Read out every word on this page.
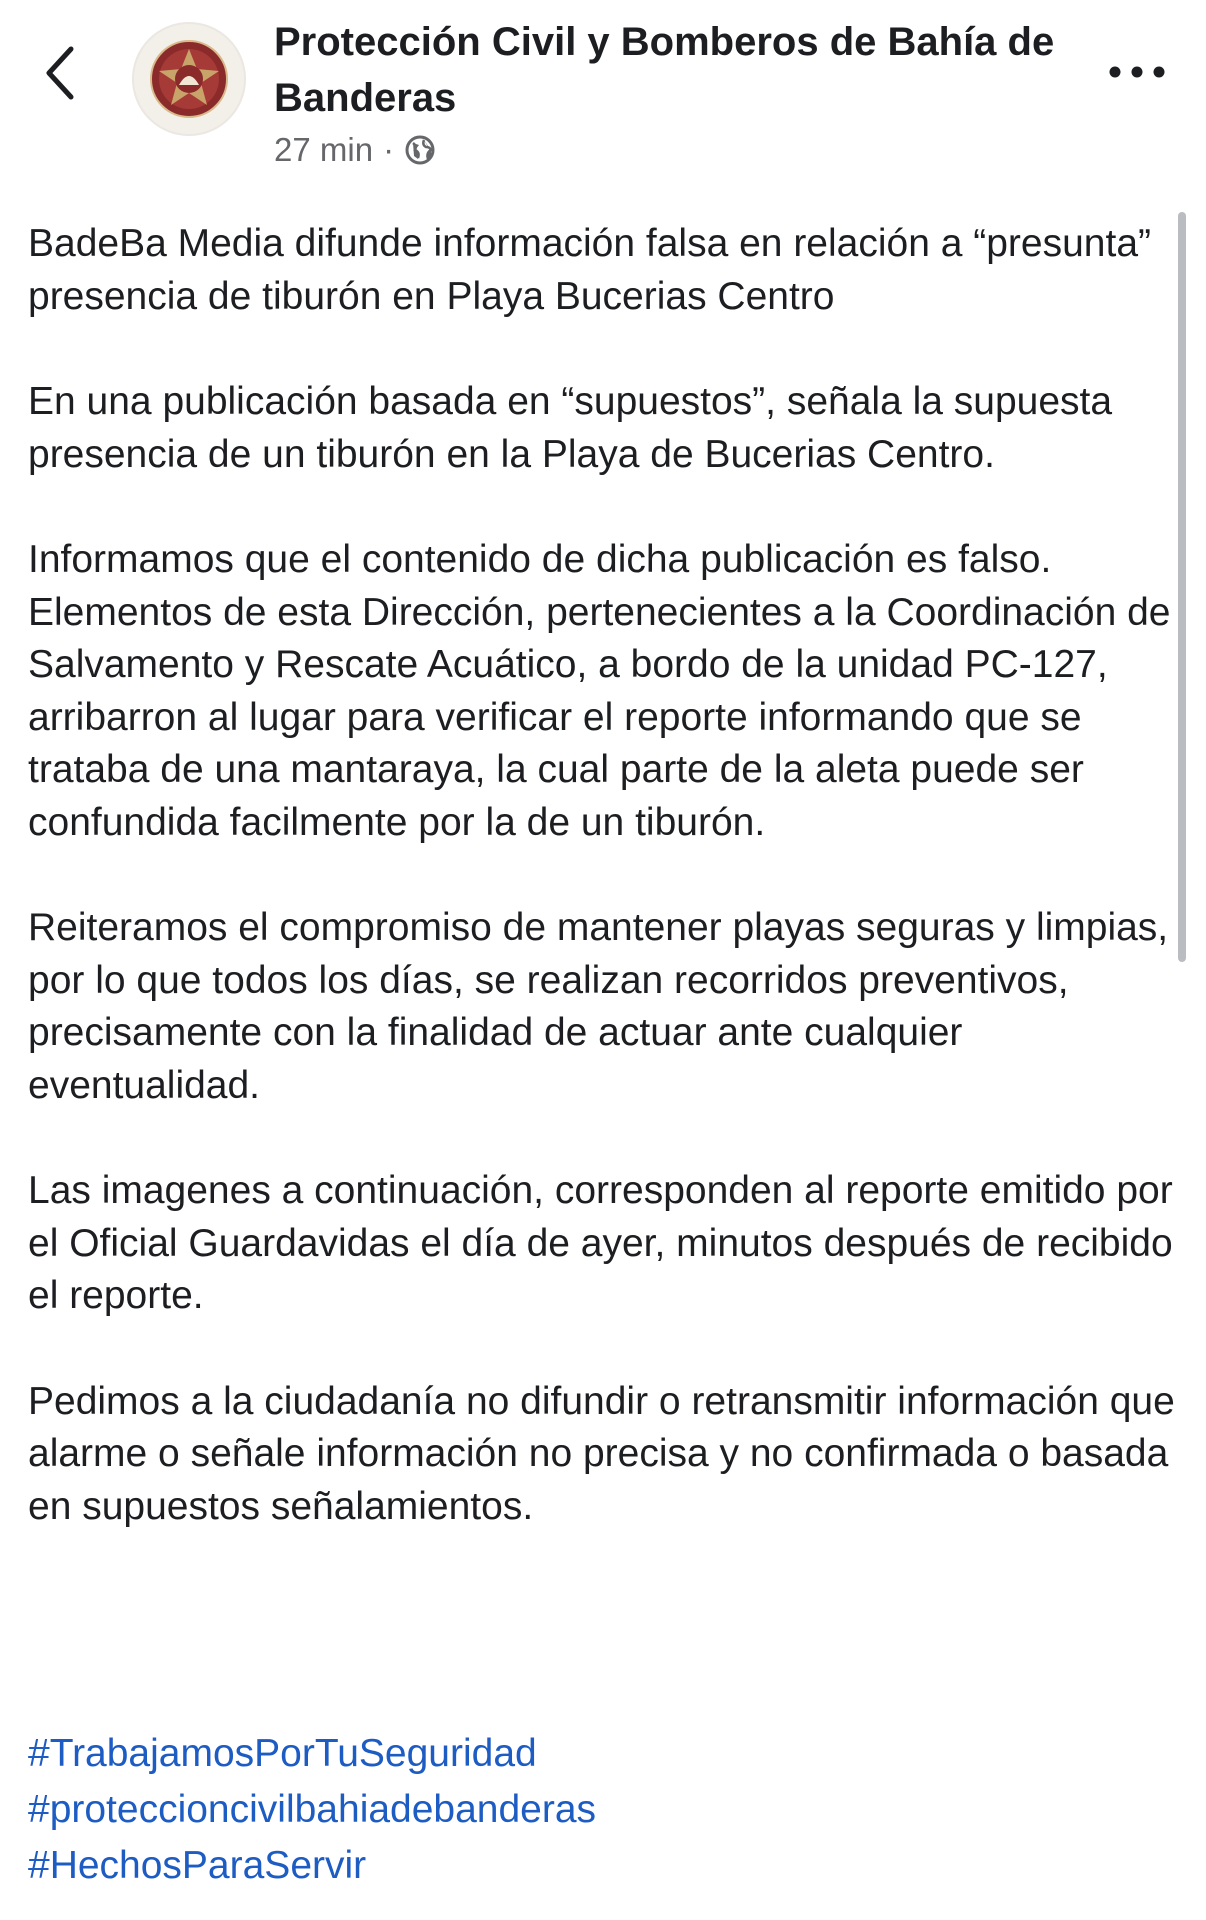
Protección Civil y Bomberos de Bahía de Banderas
27 min ·

BadeBa Media difunde información falsa en relación a “presunta” presencia de tiburón en Playa Bucerias Centro

En una publicación basada en “supuestos”, señala la supuesta presencia de un tiburón en la Playa de Bucerias Centro.

Informamos que el contenido de dicha publicación es falso. Elementos de esta Dirección, pertenecientes a la Coordinación de Salvamento y Rescate Acuático, a bordo de la unidad PC-127, arribarron al lugar para verificar el reporte informando que se trataba de una mantaraya, la cual parte de la aleta puede ser confundida facilmente por la de un tiburón.

Reiteramos el compromiso de mantener playas seguras y limpias, por lo que todos los días, se realizan recorridos preventivos, precisamente con la finalidad de actuar ante cualquier eventualidad.

Las imagenes a continuación, corresponden al reporte emitido por el Oficial Guardavidas el día de ayer, minutos después de recibido el reporte.

Pedimos a la ciudadanía no difundir o retransmitir información que alarme o señale información no precisa y no confirmada o basada en supuestos señalamientos.

#TrabajamosPorTuSeguridad
#proteccioncivilbahiadebanderas
#HechosParaServir
